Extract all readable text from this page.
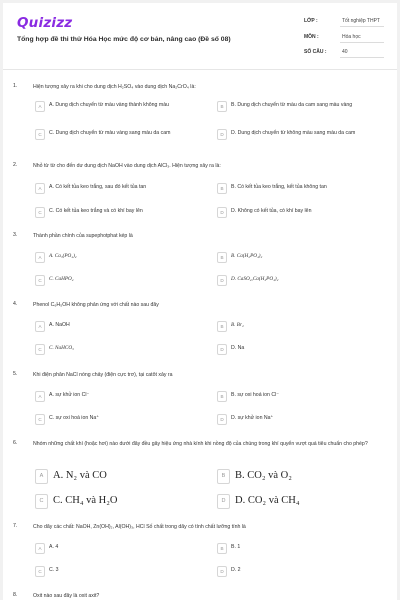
Quizizz
Tổng hợp đề thi thử Hóa Học mức độ cơ bản, nâng cao (Đề số 08)
LỚP :	Tốt nghiệp THPT
MÔN :	Hóa học
SỐ CÂU :	40
1.	Hiện tượng xảy ra khi cho dung dịch H₂SO₄ vào dung dịch Na₂CrO₄ là:
A	A. Dung dịch chuyển từ màu vàng thành không màu	B	B. Dung dịch chuyển từ màu da cam sang màu vàng
C	C. Dung dịch chuyển từ màu vàng sang màu da cam	D	D. Dung dịch chuyển từ không màu sang màu da cam
2.	Nhỏ từ từ cho đến dư dung dịch NaOH vào dung dịch AlCl₃. Hiện tượng xảy ra là:
A	A. Có kết tủa keo trắng, sau đó kết tủa tan	B	B. Có kết tủa keo trắng, kết tủa không tan
C	C. Có kết tủa keo trắng và có khí bay lên	D	D. Không có kết tủa, có khí bay lên
3.	Thành phần chính của supephotphat kép là
A	A. Ca₃(PO₄)₂	B	B. Ca(H₂PO₄)₂
C	C. CaHPO₄	D	D. CaSO₄,Ca(H₂PO₄)₂
4.	Phenol C₆H₅OH không phản ứng với chất nào sau đây
A	A. NaOH	B	B. Br₂
C	C. NaHCO₃	D	D. Na
5.	Khi điện phân NaCl nóng chảy (điện cực trơ), tại catôt xảy ra
A	A. sự khử ion Cl⁻	B	B. sự oxi hoá ion Cl⁻
C	C. sự oxi hoá ion Na⁺	D	D. sự khử ion Na⁺
6.	Nhóm những chất khí (hoặc hơi) nào dưới đây đều gây hiệu ứng nhà kính khi nồng độ của chúng trong khí quyển vượt quá tiêu chuẩn cho phép?
A A. N₂ và CO	B B. CO₂ và O₂
C C. CH₄ và H₂O	D D. CO₂ và CH₄
7.	Cho dãy các chất: NaOH, Zn(OH)₂, Al(OH)₃, HCl Số chất trong dãy có tính chất lưỡng tính là
A	A. 4	B	B. 1
C	C. 3	D	D. 2
8.	Oxit nào sau đây là oxit axit?
